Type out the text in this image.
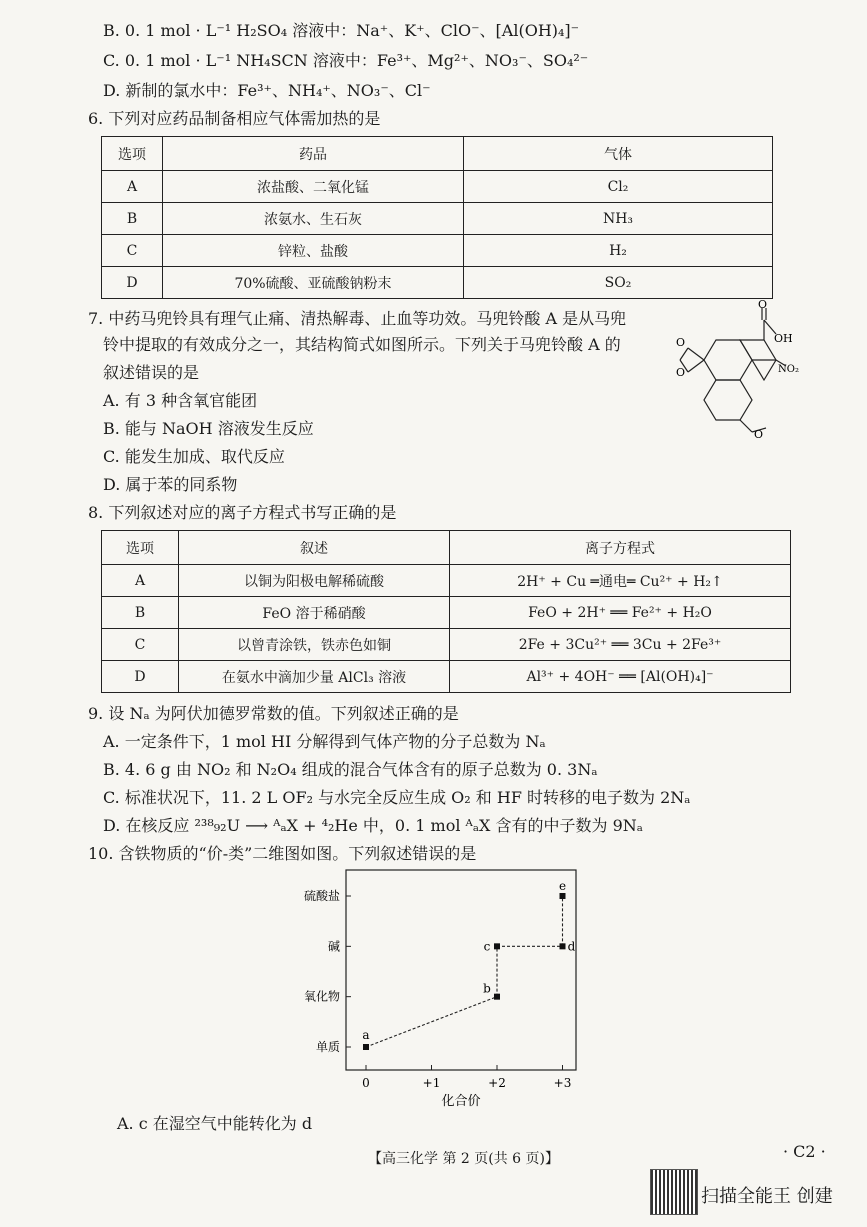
B. 0. 1 mol · L⁻¹ H₂SO₄ 溶液中：Na⁺、K⁺、ClO⁻、[Al(OH)₄]⁻
C. 0. 1 mol · L⁻¹ NH₄SCN 溶液中：Fe³⁺、Mg²⁺、NO₃⁻、SO₄²⁻
D. 新制的氯水中：Fe³⁺、NH₄⁺、NO₃⁻、Cl⁻
6. 下列对应药品制备相应气体需加热的是
选项	药品	气体
A	浓盐酸、二氧化锰	Cl₂
B	浓氨水、生石灰	NH₃
C	锌粒、盐酸	H₂
D	70%硫酸、亚硫酸钠粉末	SO₂
7. 中药马兜铃具有理气止痛、清热解毒、止血等功效。马兜铃酸 A 是从马兜
铃中提取的有效成分之一，其结构简式如图所示。下列关于马兜铃酸 A 的
叙述错误的是
A. 有 3 种含氧官能团
B. 能与 NaOH 溶液发生反应
C. 能发生加成、取代反应
D. 属于苯的同系物
O
OH
O
O	NO₂
O
8. 下列叙述对应的离子方程式书写正确的是
选项	叙述	离子方程式
A	以铜为阳极电解稀硫酸	2H⁺ + Cu ═通电═ Cu²⁺ + H₂↑
B	FeO 溶于稀硝酸	FeO + 2H⁺ ══ Fe²⁺ + H₂O
C	以曾青涂铁，铁赤色如铜	2Fe + 3Cu²⁺ ══ 3Cu + 2Fe³⁺
D	在氨水中滴加少量 AlCl₃ 溶液	Al³⁺ + 4OH⁻ ══ [Al(OH)₄]⁻
9. 设 Nₐ 为阿伏加德罗常数的值。下列叙述正确的是
A. 一定条件下，1 mol HI 分解得到气体产物的分子总数为 Nₐ
B. 4. 6 g 由 NO₂ 和 N₂O₄ 组成的混合气体含有的原子总数为 0. 3Nₐ
C. 标准状况下，11. 2 L OF₂ 与水完全反应生成 O₂ 和 HF 时转移的电子数为 2Nₐ
D. 在核反应 ²³⁸₉₂U ⟶ ᴬₐX + ⁴₂He 中，0. 1 mol ᴬₐX 含有的中子数为 9Nₐ
10. 含铁物质的“价-类”二维图如图。下列叙述错误的是
单质
氧化物
碱
硫酸盐
0	+1	+2	+3
a
b
c	d
e
化合价
A. c 在湿空气中能转化为 d
【高三化学 第 2 页(共 6 页)】	· C2 ·
扫描全能王 创建
